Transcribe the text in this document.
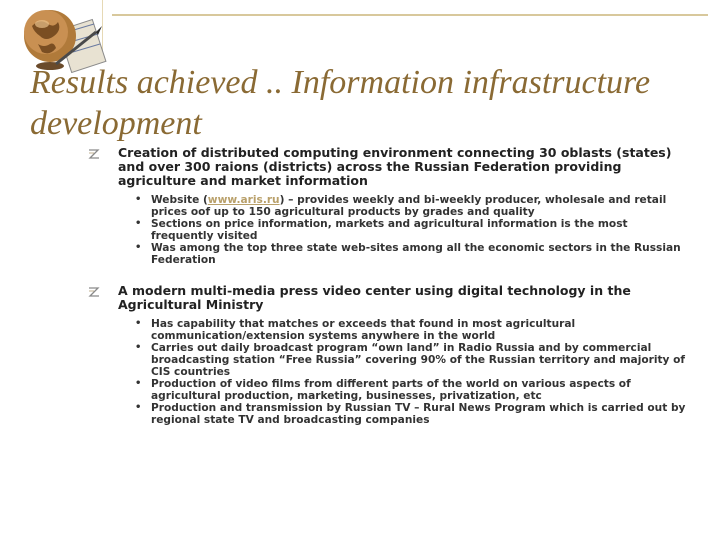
Results achieved .. Information infrastructure development
Creation of distributed computing environment connecting 30 oblasts (states) and over 300 raions (districts) across the Russian Federation providing agriculture and market information
• Website (www.aris.ru) – provides weekly and bi-weekly producer, wholesale and retail prices oof up to 150 agricultural products by grades and quality
• Sections on price information, markets and agricultural information is the most frequently visited
• Was among the top three state web-sites among all the economic sectors in the Russian Federation
A modern multi-media press video center using digital technology in the Agricultural Ministry
• Has capability that matches or exceeds that found in most agricultural communication/extension systems anywhere in the world
• Carries out daily broadcast program “own land” in Radio Russia and by commercial broadcasting station “Free Russia” covering 90% of the Russian territory and majority of CIS countries
• Production of video films from different parts of the world on various aspects of agricultural production, marketing, businesses, privatization, etc
• Production and transmission by Russian TV – Rural News Program which is carried out by regional state TV and broadcasting companies
